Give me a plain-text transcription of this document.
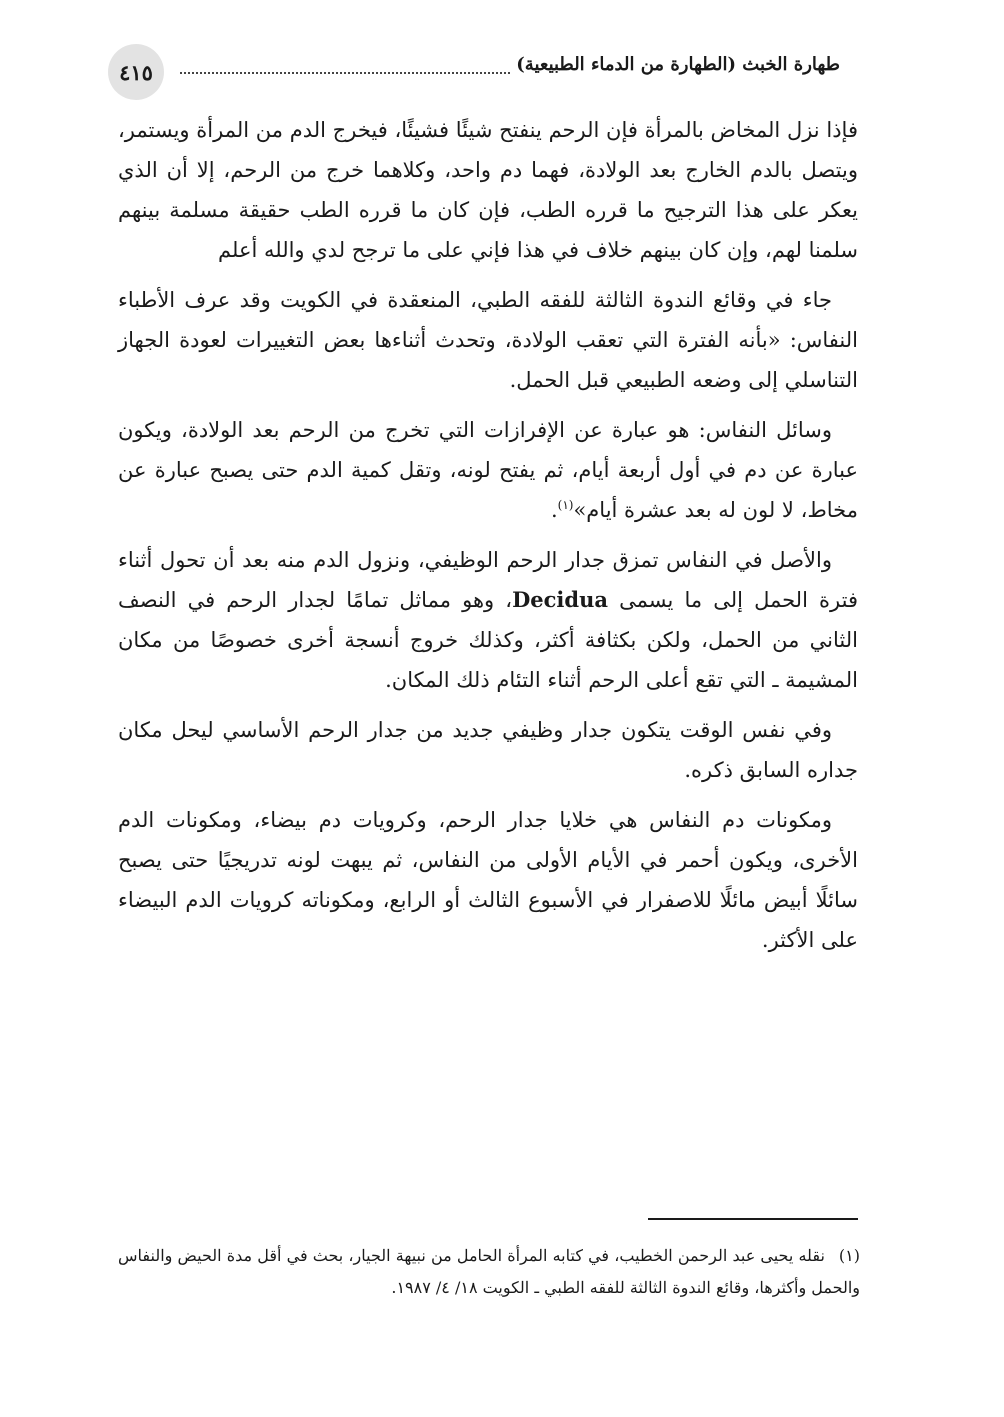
٤١٥	طهارة الخبث (الطهارة من الدماء الطبيعية)

فإذا نزل المخاض بالمرأة فإن الرحم ينفتح شيئًا فشيئًا، فيخرج الدم من المرأة ويستمر، ويتصل بالدم الخارج بعد الولادة، فهما دم واحد، وكلاهما خرج من الرحم، إلا أن الذي يعكر على هذا الترجيح ما قرره الطب، فإن كان ما قرره الطب حقيقة مسلمة بينهم سلمنا لهم، وإن كان بينهم خلاف في هذا فإني على ما ترجح لدي والله أعلم

جاء في وقائع الندوة الثالثة للفقه الطبي، المنعقدة في الكويت وقد عرف الأطباء النفاس: «بأنه الفترة التي تعقب الولادة، وتحدث أثناءها بعض التغييرات لعودة الجهاز التناسلي إلى وضعه الطبيعي قبل الحمل.

وسائل النفاس: هو عبارة عن الإفرازات التي تخرج من الرحم بعد الولادة، ويكون عبارة عن دم في أول أربعة أيام، ثم يفتح لونه، وتقل كمية الدم حتى يصبح عبارة عن مخاط، لا لون له بعد عشرة أيام»$^{(١)}$.

والأصل في النفاس تمزق جدار الرحم الوظيفي، ونزول الدم منه بعد أن تحول أثناء فترة الحمل إلى ما يسمى Decidua، وهو مماثل تمامًا لجدار الرحم في النصف الثاني من الحمل، ولكن بكثافة أكثر، وكذلك خروج أنسجة أخرى خصوصًا من مكان المشيمة ـ التي تقع أعلى الرحم أثناء التئام ذلك المكان.

وفي نفس الوقت يتكون جدار وظيفي جديد من جدار الرحم الأساسي ليحل مكان جداره السابق ذكره.

ومكونات دم النفاس هي خلايا جدار الرحم، وكرويات دم بيضاء، ومكونات الدم الأخرى، ويكون أحمر في الأيام الأولى من النفاس، ثم يبهت لونه تدريجيًا حتى يصبح سائلًا أبيض مائلًا للاصفرار في الأسبوع الثالث أو الرابع، ومكوناته كرويات الدم البيضاء على الأكثر.

(١)نقله يحيى عبد الرحمن الخطيب، في كتابه المرأة الحامل من نبيهة الجيار، بحث في أقل مدة الحيض والنفاس والحمل وأكثرها، وقائع الندوة الثالثة للفقه الطبي ـ الكويت ١٨/ ٤/ ١٩٨٧.
